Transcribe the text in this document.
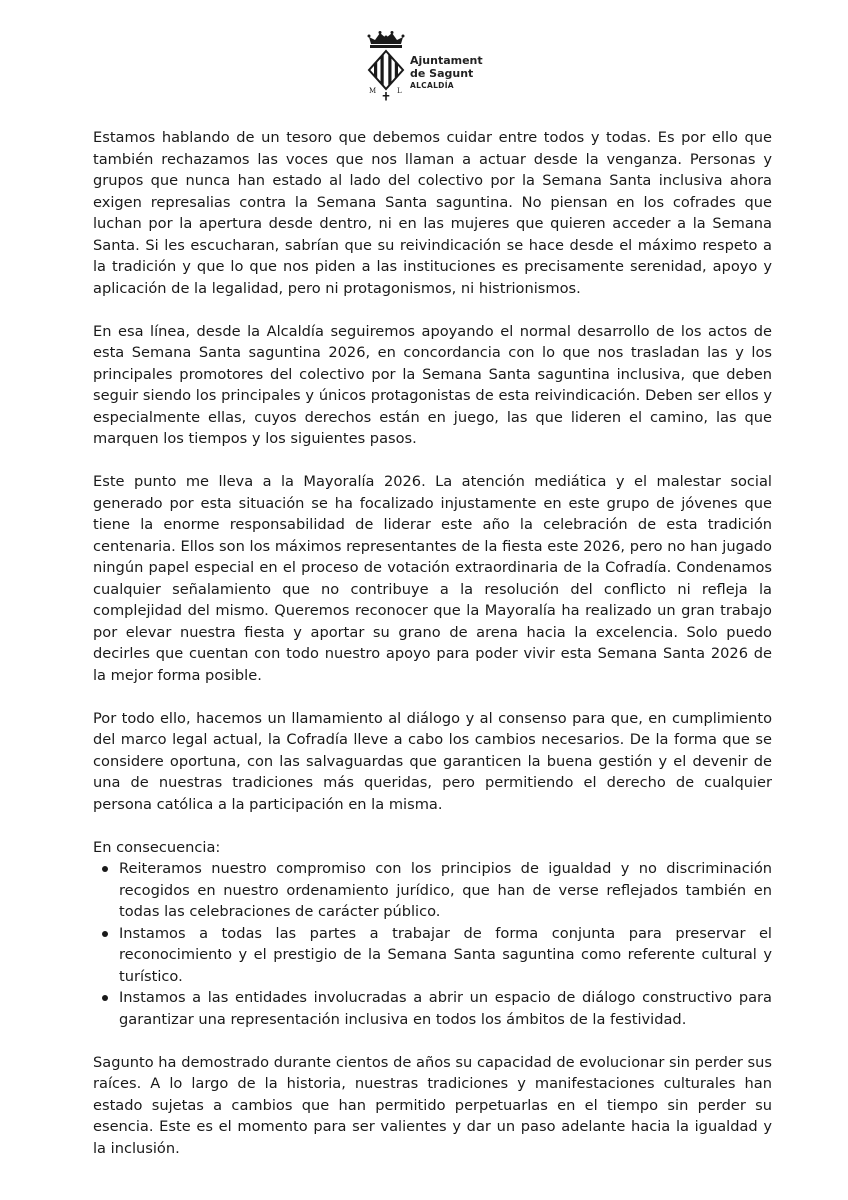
M	L
Ajuntament
de Sagunt
ALCALDÍA

Estamos hablando de un tesoro que debemos cuidar entre todos y todas. Es por ello que también rechazamos las voces que nos llaman a actuar desde la venganza. Personas y grupos que nunca han estado al lado del colectivo por la Semana Santa inclusiva ahora exigen represalias contra la Semana Santa saguntina. No piensan en los cofrades que luchan por la apertura desde dentro, ni en las mujeres que quieren acceder a la Semana Santa. Si les escucharan, sabrían que su reivindicación se hace desde el máximo respeto a la tradición y que lo que nos piden a las instituciones es precisamente serenidad, apoyo y aplicación de la legalidad, pero ni protagonismos, ni histrionismos.

En esa línea, desde la Alcaldía seguiremos apoyando el normal desarrollo de los actos de esta Semana Santa saguntina 2026, en concordancia con lo que nos trasladan las y los principales promotores del colectivo por la Semana Santa saguntina inclusiva, que deben seguir siendo los principales y únicos protagonistas de esta reivindicación. Deben ser ellos y especialmente ellas, cuyos derechos están en juego, las que lideren el camino, las que marquen los tiempos y los siguientes pasos.

Este punto me lleva a la Mayoralía 2026. La atención mediática y el malestar social generado por esta situación se ha focalizado injustamente en este grupo de jóvenes que tiene la enorme responsabilidad de liderar este año la celebración de esta tradición centenaria. Ellos son los máximos representantes de la fiesta este 2026, pero no han jugado ningún papel especial en el proceso de votación extraordinaria de la Cofradía. Condenamos cualquier señalamiento que no contribuye a la resolución del conflicto ni refleja la complejidad del mismo. Queremos reconocer que la Mayoralía ha realizado un gran trabajo por elevar nuestra fiesta y aportar su grano de arena hacia la excelencia. Solo puedo decirles que cuentan con todo nuestro apoyo para poder vivir esta Semana Santa 2026 de la mejor forma posible.

Por todo ello, hacemos un llamamiento al diálogo y al consenso para que, en cumplimiento del marco legal actual, la Cofradía lleve a cabo los cambios necesarios. De la forma que se considere oportuna, con las salvaguardas que garanticen la buena gestión y el devenir de una de nuestras tradiciones más queridas, pero permitiendo el derecho de cualquier persona católica a la participación en la misma.

En consecuencia:

Reiteramos nuestro compromiso con los principios de igualdad y no discriminación recogidos en nuestro ordenamiento jurídico, que han de verse reflejados también en todas las celebraciones de carácter público.
Instamos a todas las partes a trabajar de forma conjunta para preservar el reconocimiento y el prestigio de la Semana Santa saguntina como referente cultural y turístico.
Instamos a las entidades involucradas a abrir un espacio de diálogo constructivo para garantizar una representación inclusiva en todos los ámbitos de la festividad.

Sagunto ha demostrado durante cientos de años su capacidad de evolucionar sin perder sus raíces. A lo largo de la historia, nuestras tradiciones y manifestaciones culturales han estado sujetas a cambios que han permitido perpetuarlas en el tiempo sin perder su esencia. Este es el momento para ser valientes y dar un paso adelante hacia la igualdad y la inclusión.
